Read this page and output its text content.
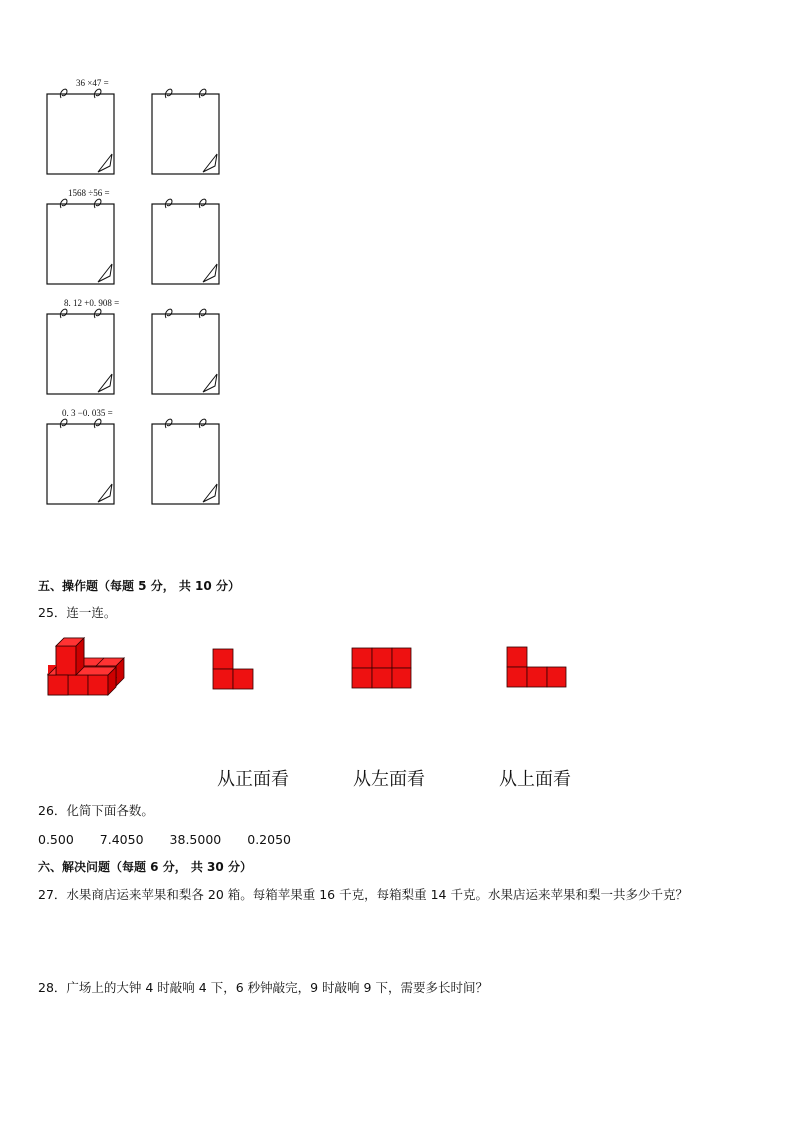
36 ×47 =
1568 ÷56 =
8. 12 +0. 908 =
0. 3 −0. 035 =
五、操作题（每题 5 分， 共 10 分）
25．连一连。
从正面看	从左面看	从上面看
26．化简下面各数。
0.500 7.4050 38.5000 0.2050
六、解决问题（每题 6 分， 共 30 分）
27．水果商店运来苹果和梨各 20 箱。每箱苹果重 16 千克，每箱梨重 14 千克。水果店运来苹果和梨一共多少千克？
28．广场上的大钟 4 时敲响 4 下，6 秒钟敲完，9 时敲响 9 下，需要多长时间？
